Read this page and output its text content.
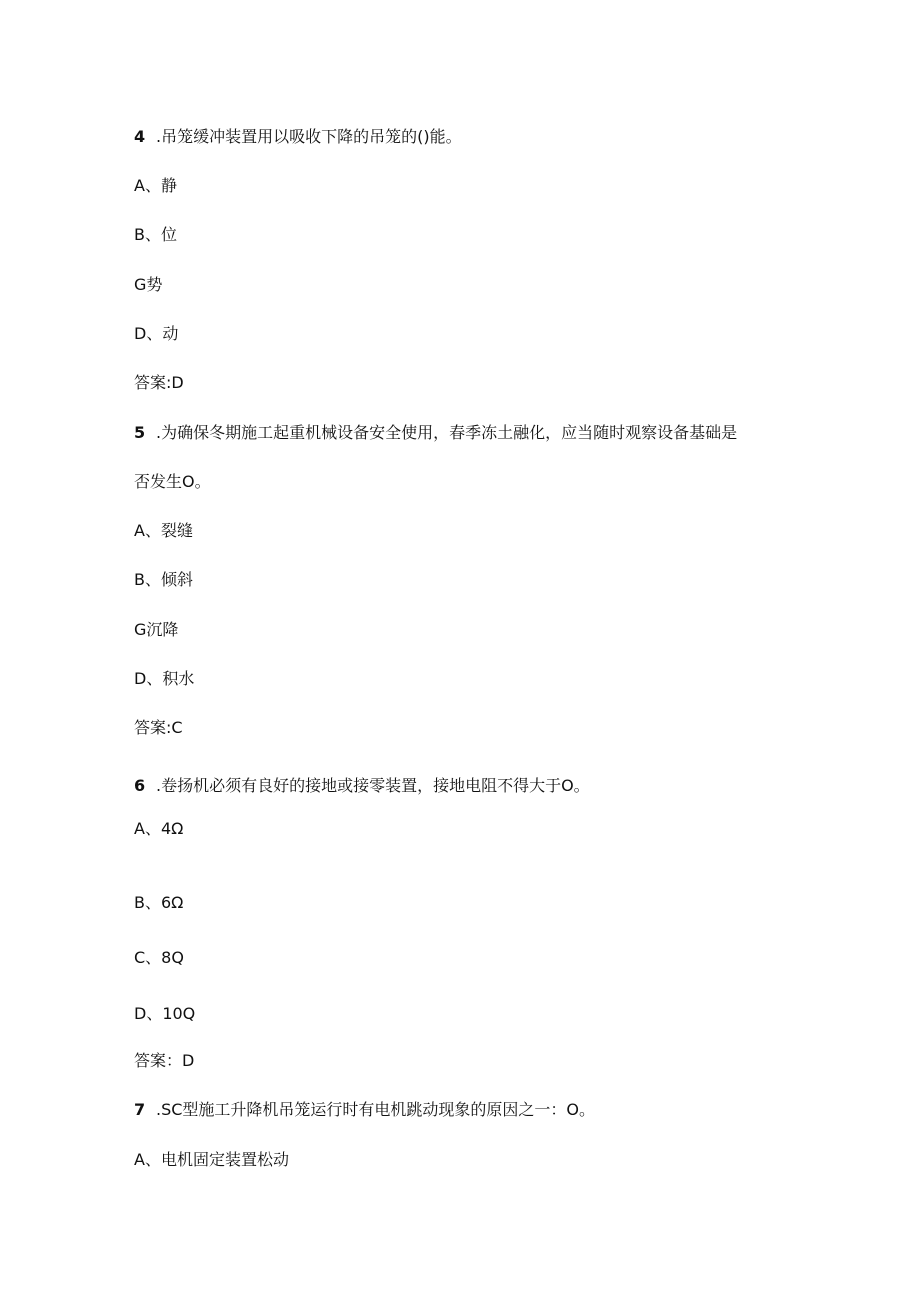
4 .吊笼缓冲装置用以吸收下降的吊笼的()能。
A、静
B、位
G势
D、动
答案:D
5 .为确保冬期施工起重机械设备安全使用，春季冻土融化，应当随时观察设备基础是
否发生O。
A、裂缝
B、倾斜
G沉降
D、积水
答案:C
6 .卷扬机必须有良好的接地或接零装置，接地电阻不得大于O。
A、4Ω
B、6Ω
C、8Q
D、10Q
答案：D
7 .SC型施工升降机吊笼运行时有电机跳动现象的原因之一：O。
A、电机固定装置松动
